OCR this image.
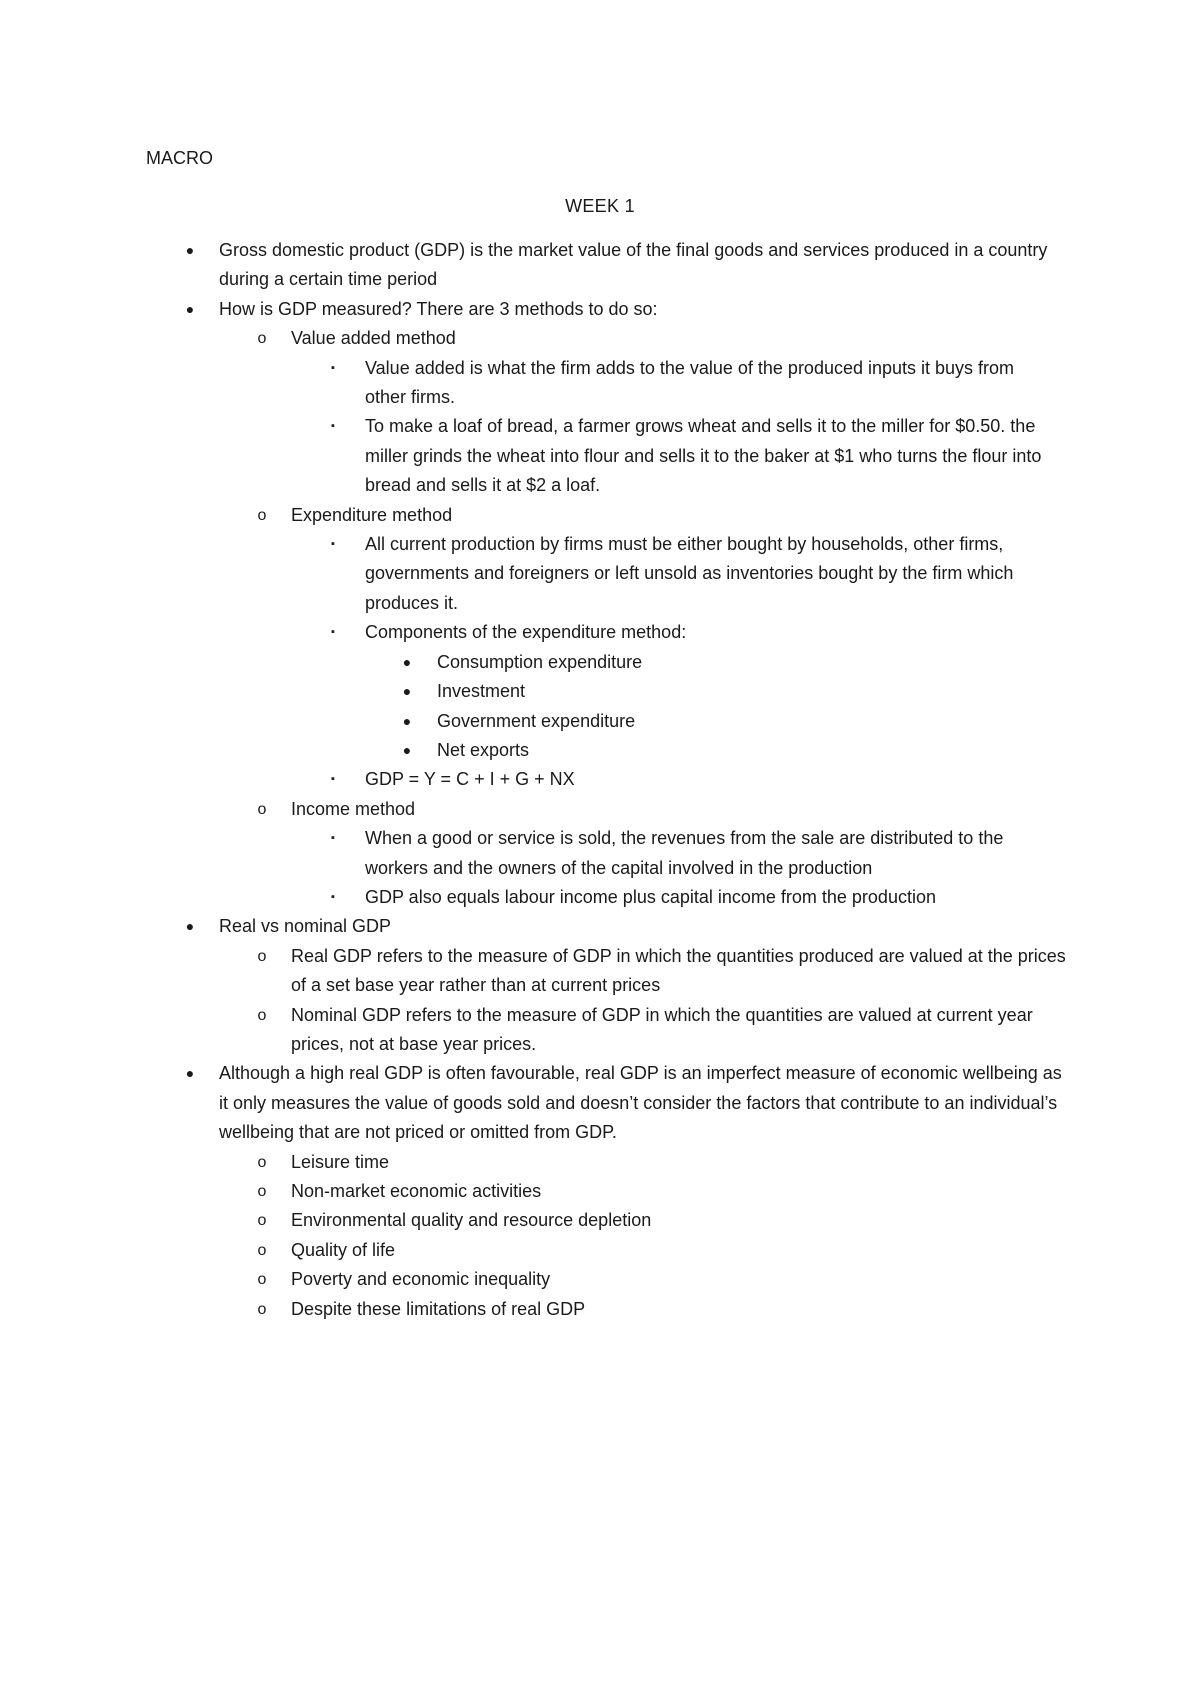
MACRO
WEEK 1
● Gross domestic product (GDP) is the market value of the final goods and services produced in a country during a certain time period
● How is GDP measured? There are 3 methods to do so:
o Value added method
▪ Value added is what the firm adds to the value of the produced inputs it buys from other firms.
▪ To make a loaf of bread, a farmer grows wheat and sells it to the miller for $0.50. the miller grinds the wheat into flour and sells it to the baker at $1 who turns the flour into bread and sells it at $2 a loaf.
o Expenditure method
▪ All current production by firms must be either bought by households, other firms, governments and foreigners or left unsold as inventories bought by the firm which produces it.
▪ Components of the expenditure method:
● Consumption expenditure
● Investment
● Government expenditure
● Net exports
▪ GDP = Y = C + I + G + NX
o Income method
▪ When a good or service is sold, the revenues from the sale are distributed to the workers and the owners of the capital involved in the production
▪ GDP also equals labour income plus capital income from the production
● Real vs nominal GDP
o Real GDP refers to the measure of GDP in which the quantities produced are valued at the prices of a set base year rather than at current prices
o Nominal GDP refers to the measure of GDP in which the quantities are valued at current year prices, not at base year prices.
● Although a high real GDP is often favourable, real GDP is an imperfect measure of economic wellbeing as it only measures the value of goods sold and doesn’t consider the factors that contribute to an individual’s wellbeing that are not priced or omitted from GDP.
o Leisure time
o Non-market economic activities
o Environmental quality and resource depletion
o Quality of life
o Poverty and economic inequality
o Despite these limitations of real GDP
